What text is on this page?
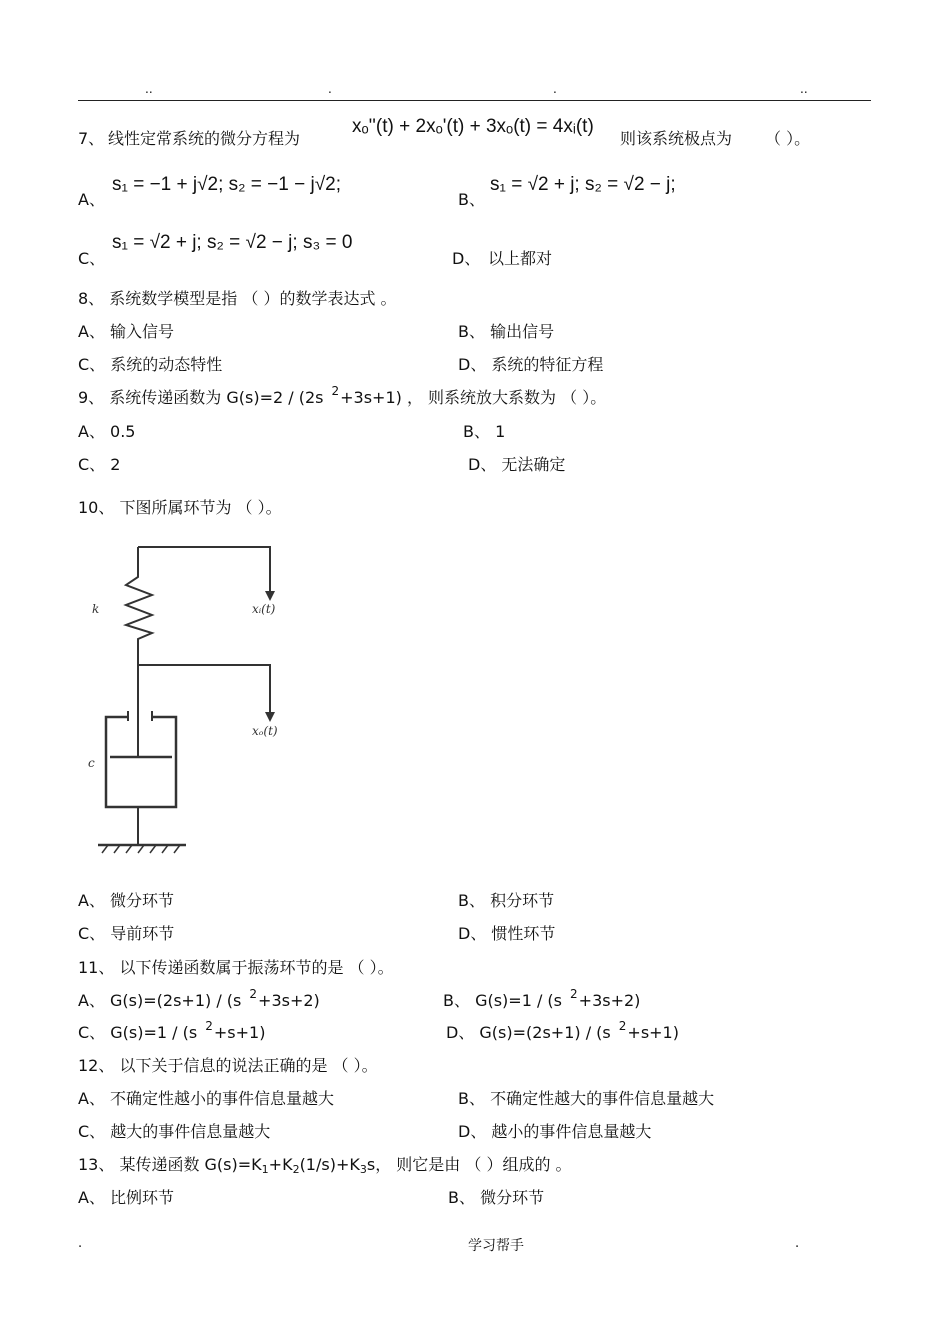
..	.	.	..
7、 线性定常系统的微分方程为
xₒ''(t) + 2xₒ'(t) + 3xₒ(t) = 4xᵢ(t)
则该系统极点为 （ ）。
A、
s₁ = −1 + j√2; s₂ = −1 − j√2;
B、
s₁ = √2 + j; s₂ = √2 − j;
C、
s₁ = √2 + j; s₂ = √2 − j; s₃ = 0
D、 以上都对
8、 系统数学模型是指 （ ）的数学表达式 。
A、 输入信号	B、 输出信号
C、 系统的动态特性	D、 系统的特征方程
9、 系统传递函数为 G(s)=2 / (2s $^2$+3s+1) ， 则系统放大系数为 （ ）。
A、 0.5	B、 1
C、 2	D、 无法确定
10、 下图所属环节为 （ ）。
k
c
xᵢ(t)
xₒ(t)
A、 微分环节	B、 积分环节
C、 导前环节	D、 惯性环节
11、 以下传递函数属于振荡环节的是 （ ）。
A、 G(s)=(2s+1) / (s $^2$+3s+2)	B、 G(s)=1 / (s $^2$+3s+2)
C、 G(s)=1 / (s $^2$+s+1)	D、 G(s)=(2s+1) / (s $^2$+s+1)
12、 以下关于信息的说法正确的是 （ ）。
A、 不确定性越小的事件信息量越大	B、 不确定性越大的事件信息量越大
C、 越大的事件信息量越大	D、 越小的事件信息量越大
13、 某传递函数 G(s)=K1+K2(1/s)+K3s， 则它是由 （ ）组成的 。
A、 比例环节	B、 微分环节
.	学习帮手	.
